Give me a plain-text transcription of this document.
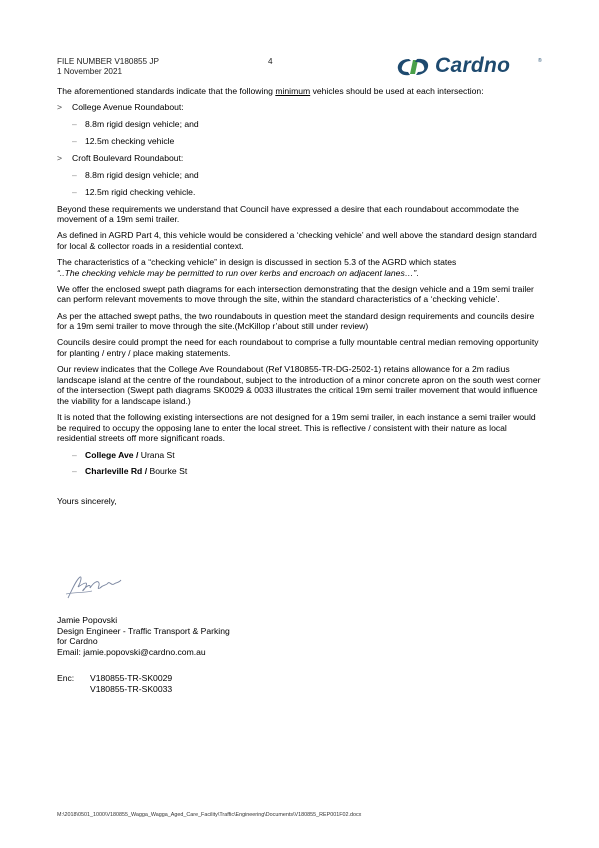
FILE NUMBER V180855 JP
1 November 2021
4	Cardno	®

The aforementioned standards indicate that the following minimum vehicles should be used at each intersection:

> College Avenue Roundabout:
– 8.8m rigid design vehicle; and
– 12.5m checking vehicle
> Croft Boulevard Roundabout:
– 8.8m rigid design vehicle; and
– 12.5m rigid checking vehicle.

Beyond these requirements we understand that Council have expressed a desire that each roundabout accommodate the movement of a 19m semi trailer.

As defined in AGRD Part 4, this vehicle would be considered a ‘checking vehicle’ and well above the standard design standard for local & collector roads in a residential context.

The characteristics of a “checking vehicle” in design is discussed in section 5.3 of the AGRD which states
“..The checking vehicle may be permitted to run over kerbs and encroach on adjacent lanes…”.

We offer the enclosed swept path diagrams for each intersection demonstrating that the design vehicle and a 19m semi trailer can perform relevant movements to move through the site, within the standard characteristics of a ‘checking vehicle’.

As per the attached swept paths, the two roundabouts in question meet the standard design requirements and councils desire for a 19m semi trailer to move through the site.(McKillop r’about still under review)

Councils desire could prompt the need for each roundabout to comprise a fully mountable central median removing opportunity for planting / entry / place making statements.

Our review indicates that the College Ave Roundabout (Ref V180855-TR-DG-2502-1) retains allowance for a 2m radius landscape island at the centre of the roundabout, subject to the introduction of a minor concrete apron on the south west corner of the intersection (Swept path diagrams SK0029 & 0033 illustrates the critical 19m semi trailer movement that would influence the viability for a landscape island.)

It is noted that the following existing intersections are not designed for a 19m semi trailer, in each instance a semi trailer would be required to occupy the opposing lane to enter the local street. This is reflective / consistent with their nature as local residential streets off more significant roads.

– College Ave / Urana St
– Charleville Rd / Bourke St

Yours sincerely,

Jamie Popovski
Design Engineer - Traffic Transport & Parking
for Cardno
Email: jamie.popovski@cardno.com.au
Enc: V180855-TR-SK0029
V180855-TR-SK0033
M:\2018\0501_1000\V180855_Wagga_Wagga_Aged_Care_Facility\Traffic\Engineering\Documents\V180855_REP001F02.docx
